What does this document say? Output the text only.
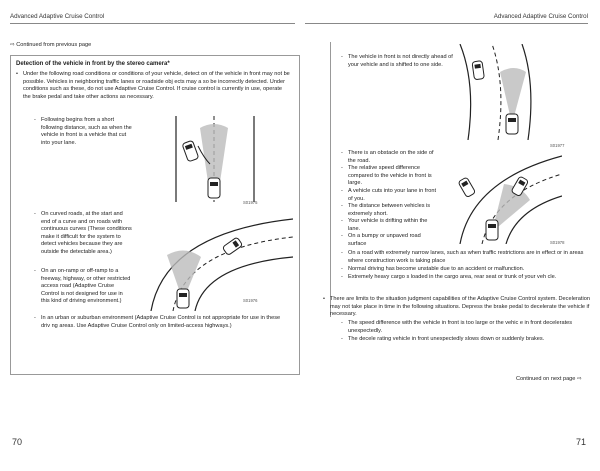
Advanced Adaptive Cruise Control
⇨ Continued from previous page
Detection of the vehicle in front by the stereo camera*
• Under the following road conditions or conditions of your vehicle, detect on of the vehicle in front may not be possible. Vehicles in neighboring traffic lanes or roadside obj ects may a so be incorrectly detected. Under conditions such as these, do not use Adaptive Cruise Control. If cruise control is currently in use, operate the brake pedal and take other actions as necessary.
- Following begins from a short following distance, such as when the vehicle in front is a vehicle that cut into your lane.
- On curved roads, at the start and end of a curve and on roads with continuous curves (These conditions make it difficult for the system to detect vehicles because they are outside the detectable area.)
- On an on-ramp or off-ramp to a freeway, highway, or other restricted access road (Adaptive Cruise Control is not designed for use in this kind of driving environment.)
- In an urban or suburban environment (Adaptive Cruise Control is not appropriate for use in these driv ng areas. Use Adaptive Cruise Control only on limited-access highways.)
S01975
S01976
70
Advanced Adaptive Cruise Control
- The vehicle in front is not directly ahead of your vehicle and is shifted to one side.
S01977
- There is an obstacle on the side of the road.
- The relative speed difference compared to the vehicle in front is large.
- A vehicle cuts into your lane in front of you.
- The distance between vehicles is extremely short.
- Your vehicle is drifting within the lane.
- On a bumpy or unpaved road surface
- On a road with extremely narrow lanes, such as when traffic restrictions are in effect or in areas where construction work is taking place
- Normal driving has become unstable due to an accident or malfunction.
- Extremely heavy cargo s loaded in the cargo area, rear seat or trunk of your veh cle.
S01978
• There are limits to the situation judgment capabilities of the Adaptive Cruise Control system. Deceleration may not take place in time in the following situations. Depress the brake pedal to decelerate the vehicle if necessary.
- The speed difference with the vehicle in front is too large or the vehic e in front decelerates unexpectedly.
- The decele rating vehicle in front unexpectedly slows down or suddenly brakes.
Continued on next page ⇨
71
